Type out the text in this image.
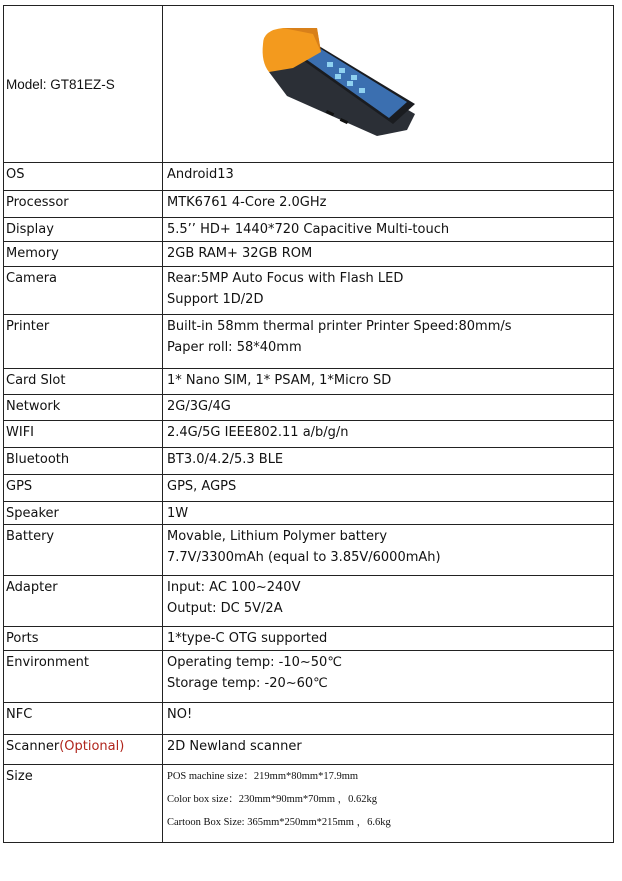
Model: GT81EZ-S	

OS	Android13

Processor	MTK6761 4-Core 2.0GHz

Display	5.5’’ HD+ 1440*720 Capacitive Multi-touch

Memory	2GB RAM+ 32GB ROM

Camera	Rear:5MP Auto Focus with Flash LED
Support 1D/2D

Printer	Built-in 58mm thermal printer Printer Speed:80mm/s
Paper roll: 58*40mm

Card Slot	1* Nano SIM, 1* PSAM, 1*Micro SD

Network	2G/3G/4G

WIFI	2.4G/5G IEEE802.11 a/b/g/n

Bluetooth	BT3.0/4.2/5.3 BLE

GPS	GPS, AGPS

Speaker	1W

Battery	Movable, Lithium Polymer battery
7.7V/3300mAh (equal to 3.85V/6000mAh)

Adapter	Input: AC 100~240V
Output: DC 5V/2A

Ports	1*type-C OTG supported

Environment	Operating temp: -10~50℃
Storage temp: -20~60℃

NFC	NO!

Scanner(Optional)	2D Newland scanner
Size	POS machine size：219mm*80mm*17.9mm
Color box size：230mm*90mm*70mm ，0.62kg
Cartoon Box Size: 365mm*250mm*215mm ，6.6kg
